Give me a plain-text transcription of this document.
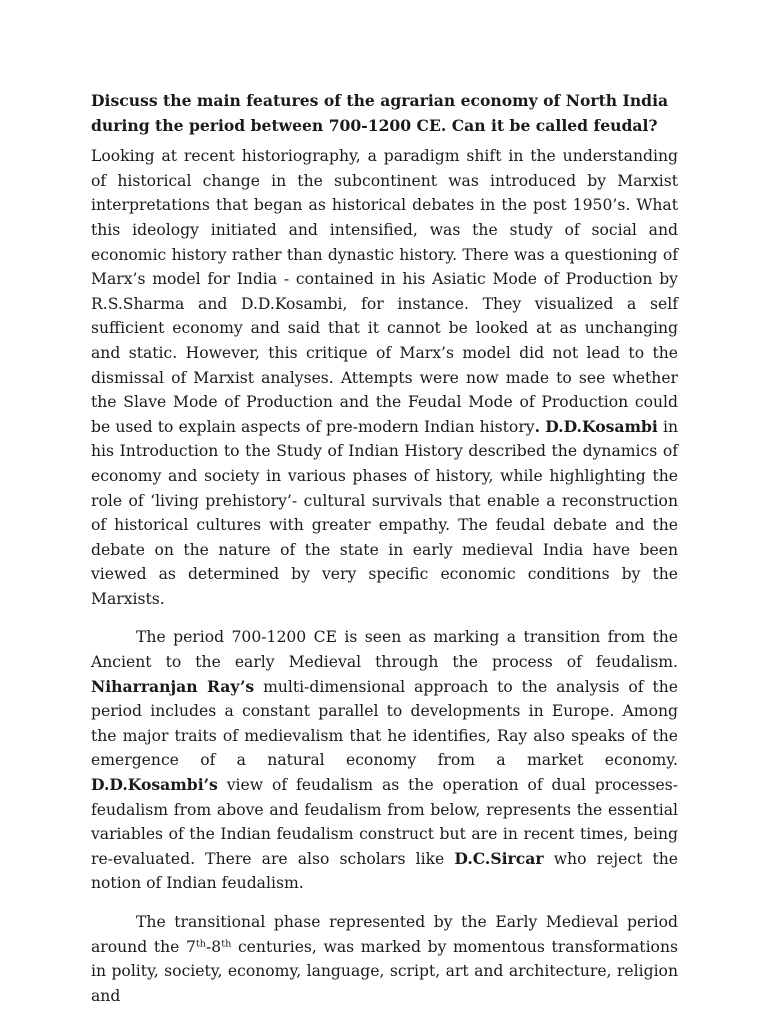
Discuss the main features of the agrarian economy of North India during the period between 700-1200 CE. Can it be called feudal?

Looking at recent historiography, a paradigm shift in the understanding of historical change in the subcontinent was introduced by Marxist interpretations that began as historical debates in the post 1950’s. What this ideology initiated and intensified, was the study of social and economic history rather than dynastic history. There was a questioning of Marx’s model for India - contained in his Asiatic Mode of Production by R.S.Sharma and D.D.Kosambi, for instance. They visualized a self sufficient economy and said that it cannot be looked at as unchanging and static. However, this critique of Marx’s model did not lead to the dismissal of Marxist analyses. Attempts were now made to see whether the Slave Mode of Production and the Feudal Mode of Production could be used to explain aspects of pre-modern Indian history. D.D.Kosambi in his Introduction to the Study of Indian History described the dynamics of economy and society in various phases of history, while highlighting the role of ‘living prehistory’- cultural survivals that enable a reconstruction of historical cultures with greater empathy. The feudal debate and the debate on the nature of the state in early medieval India have been viewed as determined by very specific economic conditions by the Marxists.

The period 700-1200 CE is seen as marking a transition from the Ancient to the early Medieval through the process of feudalism. Niharranjan Ray’s multi-dimensional approach to the analysis of the period includes a constant parallel to developments in Europe. Among the major traits of medievalism that he identifies, Ray also speaks of the emergence of a natural economy from a market economy. D.D.Kosambi’s view of feudalism as the operation of dual processes- feudalism from above and feudalism from below, represents the essential variables of the Indian feudalism construct but are in recent times, being re-evaluated. There are also scholars like D.C.Sircar who reject the notion of Indian feudalism.

The transitional phase represented by the Early Medieval period around the 7th-8th centuries, was marked by momentous transformations in polity, society, economy, language, script, art and architecture, religion and
